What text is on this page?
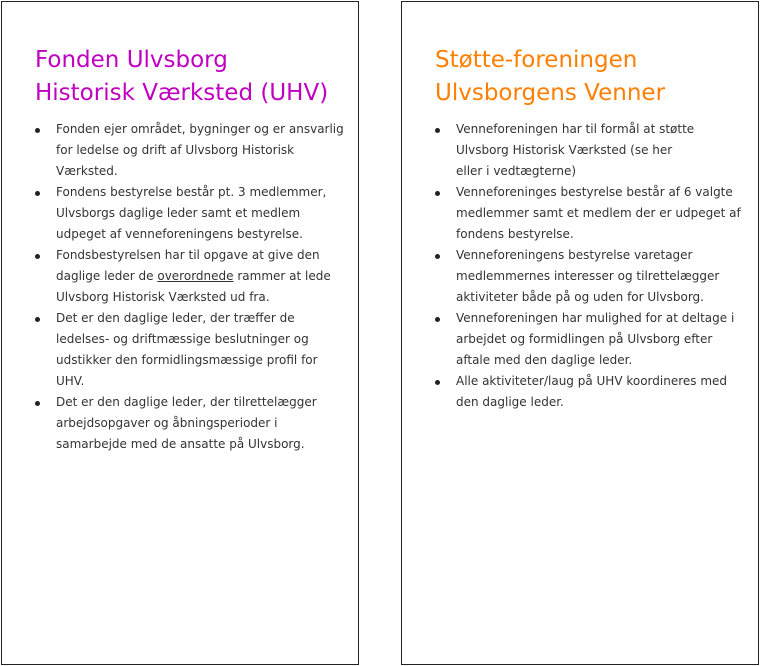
Fonden Ulvsborg
Historisk Værksted (UHV)
Fonden ejer området, bygninger og er ansvarlig
for ledelse og drift af Ulvsborg Historisk
Værksted.
Fondens bestyrelse består pt. 3 medlemmer,
Ulvsborgs daglige leder samt et medlem
udpeget af venneforeningens bestyrelse.
Fondsbestyrelsen har til opgave at give den
daglige leder de overordnede rammer at lede
Ulvsborg Historisk Værksted ud fra.
Det er den daglige leder, der træffer de
ledelses- og driftmæssige beslutninger og
udstikker den formidlingsmæssige profil for
UHV.
Det er den daglige leder, der tilrettelægger
arbejdsopgaver og åbningsperioder i
samarbejde med de ansatte på Ulvsborg.
Støtte-foreningen
Ulvsborgens Venner
Venneforeningen har til formål at støtte
Ulvsborg Historisk Værksted (se her
eller i vedtægterne)
Venneforeninges bestyrelse består af 6 valgte
medlemmer samt et medlem der er udpeget af
fondens bestyrelse.
Venneforeningens bestyrelse varetager
medlemmernes interesser og tilrettelægger
aktiviteter både på og uden for Ulvsborg.
Venneforeningen har mulighed for at deltage i
arbejdet og formidlingen på Ulvsborg efter
aftale med den daglige leder.
Alle aktiviteter/laug på UHV koordineres med
den daglige leder.
